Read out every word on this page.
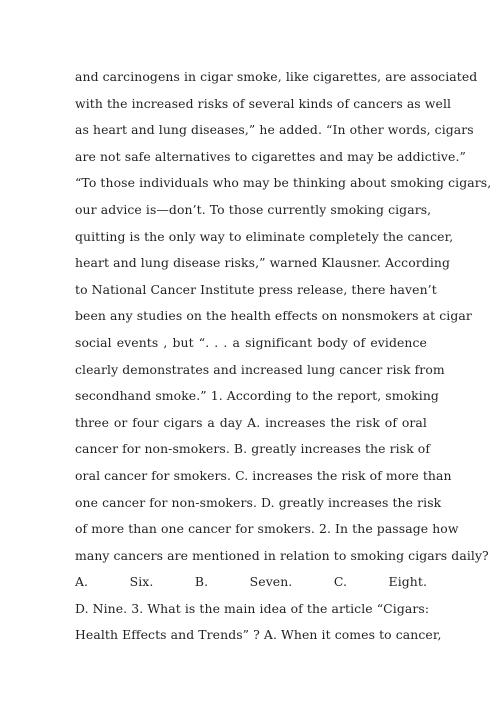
and carcinogens in cigar smoke, like cigarettes, are associated
with the increased risks of several kinds of cancers as well
as heart and lung diseases,” he added. “In other words, cigars
are not safe alternatives to cigarettes and may be addictive.”
“To those individuals who may be thinking about smoking cigars,
our advice is—don’t. To those currently smoking cigars,
quitting is the only way to eliminate completely the cancer,
heart and lung disease risks,” warned Klausner. According
to National Cancer Institute press release, there haven’t
been any studies on the health effects on nonsmokers at cigar
social events , but “. . . a significant body of evidence
clearly demonstrates and increased lung cancer risk from
secondhand smoke.” 1. According to the report, smoking
three or four cigars a day A. increases the risk of oral
cancer for non-smokers. B. greatly increases the risk of
oral cancer for smokers. C. increases the risk of more than
one cancer for non-smokers. D. greatly increases the risk
of more than one cancer for smokers. 2. In the passage how
many cancers are mentioned in relation to smoking cigars daily?
A. Six. B. Seven. C. Eight.
D. Nine. 3. What is the main idea of the article “Cigars:
Health Effects and Trends” ? A. When it comes to cancer,
